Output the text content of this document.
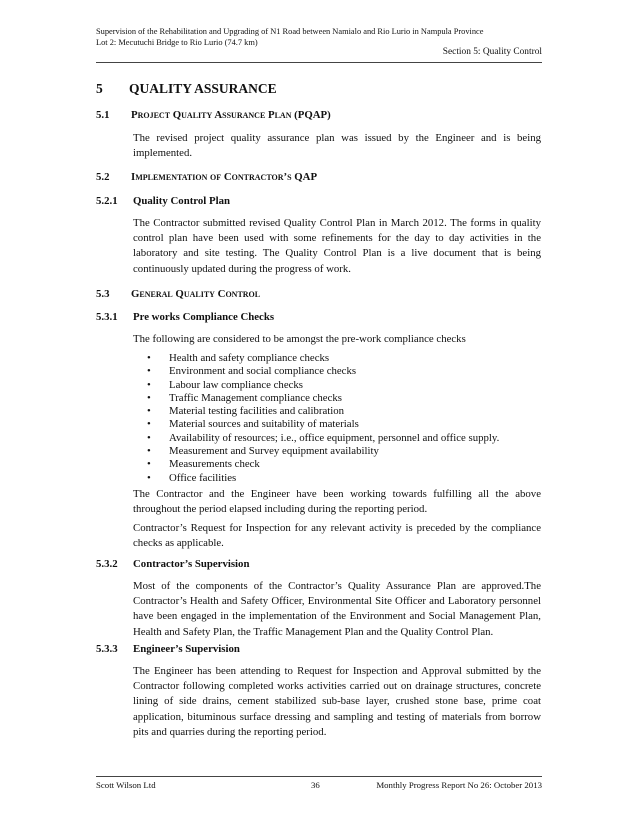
Supervision of the Rehabilitation and Upgrading of N1 Road between Namialo and Rio Lurio in Nampula Province
Lot 2: Mecutuchi Bridge to Rio Lurio (74.7 km)
Section 5: Quality Control
5 QUALITY ASSURANCE
5.1 Project Quality Assurance Plan (PQAP)

The revised project quality assurance plan was issued by the Engineer and is being implemented.

5.2 Implementation of Contractor’s QAP
5.2.1 Quality Control Plan

The Contractor submitted revised Quality Control Plan in March 2012. The forms in quality control plan have been used with some refinements for the day to day activities in the laboratory and site testing. The Quality Control Plan is a live document that is being continuously updated during the progress of work.

5.3 General Quality Control
5.3.1 Pre works Compliance Checks

The following are considered to be amongst the pre-work compliance checks

• Health and safety compliance checks
• Environment and social compliance checks
• Labour law compliance checks
• Traffic Management compliance checks
• Material testing facilities and calibration
• Material sources and suitability of materials
• Availability of resources; i.e., office equipment, personnel and office supply.
• Measurement and Survey equipment availability
• Measurements check
• Office facilities

The Contractor and the Engineer have been working towards fulfilling all the above throughout the period elapsed including during the reporting period.

Contractor’s Request for Inspection for any relevant activity is preceded by the compliance checks as applicable.

5.3.2 Contractor’s Supervision

Most of the components of the Contractor’s Quality Assurance Plan are approved.The Contractor’s Health and Safety Officer, Environmental Site Officer and Laboratory personnel have been engaged in the implementation of the Environment and Social Management Plan, Health and Safety Plan, the Traffic Management Plan and the Quality Control Plan.

5.3.3 Engineer’s Supervision

The Engineer has been attending to Request for Inspection and Approval submitted by the Contractor following completed works activities carried out on drainage structures, concrete lining of side drains, cement stabilized sub-base layer, crushed stone base, prime coat application, bituminous surface dressing and sampling and testing of materials from borrow pits and quarries during the reporting period.

Scott Wilson Ltd	36	Monthly Progress Report No 26: October 2013
